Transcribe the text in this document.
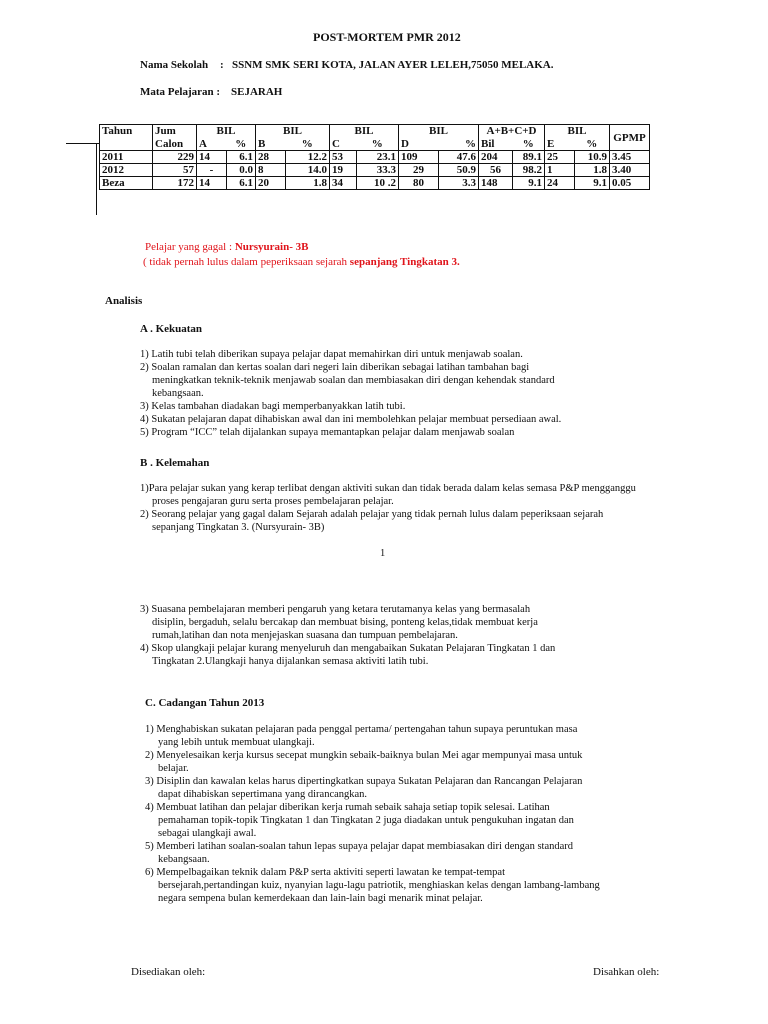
POST-MORTEM PMR 2012
Nama Sekolah : SSNM SMK SERI KOTA, JALAN AYER LELEH,75050 MELAKA.
Mata Pelajaran : SEJARAH
Tahun	Jum	BIL		BIL		BIL		BIL		A+B+C+D		BIL		GPMP
	Calon	A	%	B	%	C	%	D	%	Bil	%	E	%	
2011	229	14	6.1	28	12.2	53	23.1	109	47.6	204	89.1	25	10.9	3.45
2012	57	-	0.0	8	14.0	19	33.3	29	50.9	56	98.2	1	1.8	3.40
Beza	172	14	6.1	20	1.8	34	10 .2	80	3.3	148	9.1	24	9.1	0.05
Pelajar yang gagal : Nursyurain- 3B
( tidak pernah lulus dalam peperiksaan sejarah sepanjang Tingkatan 3.
Analisis
A . Kekuatan

1) Latih tubi telah diberikan supaya pelajar dapat memahirkan diri untuk menjawab soalan.

2) Soalan ramalan dan kertas soalan dari negeri lain diberikan sebagai latihan tambahan bagi

meningkatkan teknik-teknik menjawab soalan dan membiasakan diri dengan kehendak standard

kebangsaan.

3) Kelas tambahan diadakan bagi memperbanyakkan latih tubi.

4) Sukatan pelajaran dapat dihabiskan awal dan ini membolehkan pelajar membuat persediaan awal.

5) Program “ICC” telah dijalankan supaya memantapkan pelajar dalam menjawab soalan

B . Kelemahan

1)Para pelajar sukan yang kerap terlibat dengan aktiviti sukan dan tidak berada dalam kelas semasa P&P mengganggu

proses pengajaran guru serta proses pembelajaran pelajar.

2) Seorang pelajar yang gagal dalam Sejarah adalah pelajar yang tidak pernah lulus dalam peperiksaan sejarah

sepanjang Tingkatan 3. (Nursyurain- 3B)

1

3) Suasana pembelajaran memberi pengaruh yang ketara terutamanya kelas yang bermasalah

disiplin, bergaduh, selalu bercakap dan membuat bising, ponteng kelas,tidak membuat kerja

rumah,latihan dan nota menjejaskan suasana dan tumpuan pembelajaran.

4) Skop ulangkaji pelajar kurang menyeluruh dan mengabaikan Sukatan Pelajaran Tingkatan 1 dan

Tingkatan 2.Ulangkaji hanya dijalankan semasa aktiviti latih tubi.

C. Cadangan Tahun 2013

1) Menghabiskan sukatan pelajaran pada penggal pertama/ pertengahan tahun supaya peruntukan masa

yang lebih untuk membuat ulangkaji.

2) Menyelesaikan kerja kursus secepat mungkin sebaik-baiknya bulan Mei agar mempunyai masa untuk

belajar.

3) Disiplin dan kawalan kelas harus dipertingkatkan supaya Sukatan Pelajaran dan Rancangan Pelajaran

dapat dihabiskan sepertimana yang dirancangkan.

4) Membuat latihan dan pelajar diberikan kerja rumah sebaik sahaja setiap topik selesai. Latihan

pemahaman topik-topik Tingkatan 1 dan Tingkatan 2 juga diadakan untuk pengukuhan ingatan dan

sebagai ulangkaji awal.

5) Memberi latihan soalan-soalan tahun lepas supaya pelajar dapat membiasakan diri dengan standard

kebangsaan.

6) Mempelbagaikan teknik dalam P&P serta aktiviti seperti lawatan ke tempat-tempat

bersejarah,pertandingan kuiz, nyanyian lagu-lagu patriotik, menghiaskan kelas dengan lambang-lambang

negara sempena bulan kemerdekaan dan lain-lain bagi menarik minat pelajar.

Disediakan oleh:	Disahkan oleh:
